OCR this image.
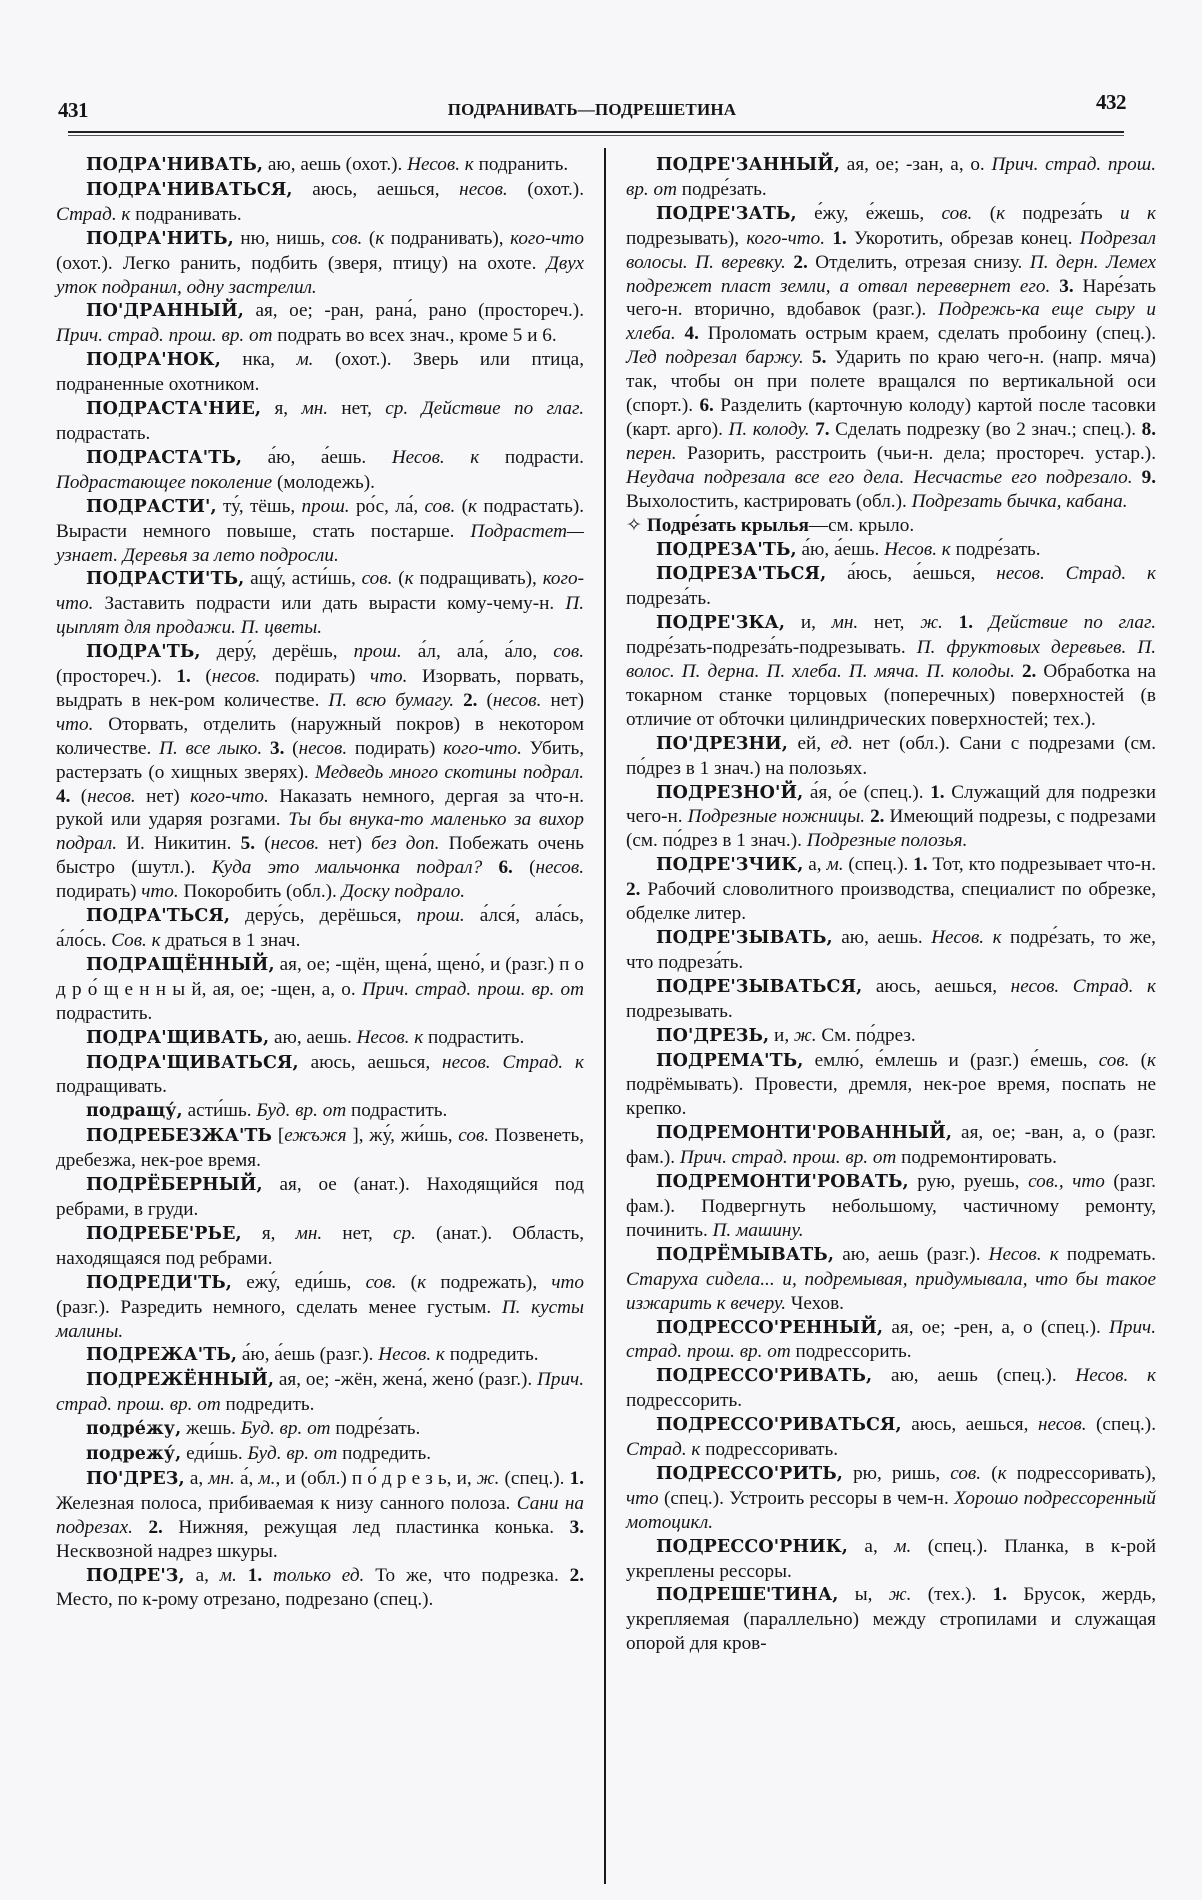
431	ПОДРАНИВАТЬ—ПОДРЕШЕТИНА	432

ПОДРА'НИВАТЬ, аю, аешь (охот.). Несов. к подранить.

ПОДРА'НИВАТЬСЯ, аюсь, аешься, несов. (охот.). Страд. к подранивать.

ПОДРА'НИТЬ, ню, нишь, сов. (к подранивать), кого-что (охот.). Легко ранить, подбить (зверя, птицу) на охоте. Двух уток подранил, одну застрелил.

ПО'ДРАННЫЙ, ая, ое; -ран, рана́, рано (простореч.). Прич. страд. прош. вр. от подрать во всех знач., кроме 5 и 6.

ПОДРА'НОК, нка, м. (охот.). Зверь или птица, подраненные охотником.

ПОДРАСТА'НИЕ, я, мн. нет, ср. Действие по глаг. подрастать.

ПОДРАСТА'ТЬ, а́ю, а́ешь. Несов. к подрасти. Подрастающее поколение (молодежь).

ПОДРАСТИ', ту́, тёшь, прош. ро́с, ла́, сов. (к подрастать). Вырасти немного повыше, стать постарше. Подрастет—узнает. Деревья за лето подросли.

ПОДРАСТИ'ТЬ, ащу́, асти́шь, сов. (к подращивать), кого-что. Заставить подрасти или дать вырасти кому-чему-н. П. цыплят для продажи. П. цветы.

ПОДРА'ТЬ, деру́, дерёшь, прош. а́л, ала́, а́ло, сов. (простореч.). 1. (несов. подирать) что. Изорвать, порвать, выдрать в нек-ром количестве. П. всю бумагу. 2. (несов. нет) что. Оторвать, отделить (наружный покров) в некотором количестве. П. все лыко. 3. (несов. подирать) кого-что. Убить, растерзать (о хищных зверях). Медведь много скотины подрал. 4. (несов. нет) кого-что. Наказать немного, дергая за что-н. рукой или ударяя розгами. Ты бы внука-то маленько за вихор подрал. И. Никитин. 5. (несов. нет) без доп. Побежать очень быстро (шутл.). Куда это мальчонка подрал? 6. (несов. подирать) что. Покоробить (обл.). Доску подрало.

ПОДРА'ТЬСЯ, деру́сь, дерёшься, прош. а́лся́, ала́сь, а́ло́сь. Сов. к драться в 1 знач.

ПОДРАЩЁННЫЙ, ая, ое; -щён, щена́, щено́, и (разг.) п о д р о́ щ е н н ы й, ая, ое; -щен, а, о. Прич. страд. прош. вр. от подрастить.

ПОДРА'ЩИВАТЬ, аю, аешь. Несов. к подрастить.

ПОДРА'ЩИВАТЬСЯ, аюсь, аешься, несов. Страд. к подращивать.

подращу́, асти́шь. Буд. вр. от подрастить.

ПОДРЕБЕЗЖА'ТЬ [ежъжя ], жу́, жи́шь, сов. Позвенеть, дребезжа, нек-рое время.

ПОДРЁБЕРНЫЙ, ая, ое (анат.). Находящийся под ребрами, в груди.

ПОДРЕБЕ'РЬЕ, я, мн. нет, ср. (анат.). Область, находящаяся под ребрами.

ПОДРЕДИ'ТЬ, ежу́, еди́шь, сов. (к подрежать), что (разг.). Разредить немного, сделать менее густым. П. кусты малины.

ПОДРЕЖА'ТЬ, а́ю, а́ешь (разг.). Несов. к подредить.

ПОДРЕЖЁННЫЙ, ая, ое; -жён, жена́, жено́ (разг.). Прич. страд. прош. вр. от подредить.

подре́жу, жешь. Буд. вр. от подре́зать.

подрежу́, еди́шь. Буд. вр. от подредить.

ПО'ДРЕЗ, а, мн. а́, м., и (обл.) п о́ д р е з ь, и, ж. (спец.). 1. Железная полоса, прибиваемая к низу санного полоза. Сани на подрезах. 2. Нижняя, режущая лед пластинка конька. 3. Несквозной надрез шкуры.

ПОДРЕ'З, а, м. 1. только ед. То же, что подрезка. 2. Место, по к-рому отрезано, подрезано (спец.).

ПОДРЕ'ЗАННЫЙ, ая, ое; -зан, а, о. Прич. страд. прош. вр. от подре́зать.

ПОДРЕ'ЗАТЬ, е́жу, е́жешь, сов. (к подреза́ть и к подрезывать), кого-что. 1. Укоротить, обрезав конец. Подрезал волосы. П. веревку. 2. Отделить, отрезая снизу. П. дерн. Лемех подрежет пласт земли, а отвал перевернет его. 3. Наре́зать чего-н. вторично, вдобавок (разг.). Подрежь-ка еще сыру и хлеба. 4. Проломать острым краем, сделать пробоину (спец.). Лед подрезал баржу. 5. Ударить по краю чего-н. (напр. мяча) так, чтобы он при полете вращался по вертикальной оси (спорт.). 6. Разделить (карточную колоду) картой после тасовки (карт. арго). П. колоду. 7. Сделать подрезку (во 2 знач.; спец.). 8. перен. Разорить, расстроить (чьи-н. дела; простореч. устар.). Неудача подрезала все его дела. Несчастье его подрезало. 9. Выхолостить, кастрировать (обл.). Подрезать бычка, кабана.

✧ Подре́зать крылья—см. крыло.

ПОДРЕЗА'ТЬ, а́ю, а́ешь. Несов. к подре́зать.

ПОДРЕЗА'ТЬСЯ, а́юсь, а́ешься, несов. Страд. к подреза́ть.

ПОДРЕ'ЗКА, и, мн. нет, ж. 1. Действие по глаг. подре́зать-подреза́ть-подрезывать. П. фруктовых деревьев. П. волос. П. дерна. П. хлеба. П. мяча. П. колоды. 2. Обработка на токарном станке торцовых (поперечных) поверхностей (в отличие от обточки цилиндрических поверхностей; тех.).

ПО'ДРЕЗНИ, ей, ед. нет (обл.). Сани с подрезами (см. по́дрез в 1 знач.) на полозьях.

ПОДРЕЗНО'Й, а́я, о́е (спец.). 1. Служащий для подрезки чего-н. Подрезные ножницы. 2. Имеющий подрезы, с подрезами (см. по́дрез в 1 знач.). Подрезные полозья.

ПОДРЕ'ЗЧИК, а, м. (спец.). 1. Тот, кто подрезывает что-н. 2. Рабочий словолитного производства, специалист по обрезке, обделке литер.

ПОДРЕ'ЗЫВАТЬ, аю, аешь. Несов. к подре́зать, то же, что подреза́ть.

ПОДРЕ'ЗЫВАТЬСЯ, аюсь, аешься, несов. Страд. к подрезывать.

ПО'ДРЕЗЬ, и, ж. См. по́дрез.

ПОДРЕМА'ТЬ, емлю́, е́млешь и (разг.) е́мешь, сов. (к подрёмывать). Провести, дремля, нек-рое время, поспать не крепко.

ПОДРЕМОНТИ'РОВАННЫЙ, ая, ое; -ван, а, о (разг. фам.). Прич. страд. прош. вр. от подремонтировать.

ПОДРЕМОНТИ'РОВАТЬ, рую, руешь, сов., что (разг. фам.). Подвергнуть небольшому, частичному ремонту, починить. П. машину.

ПОДРЁМЫВАТЬ, аю, аешь (разг.). Несов. к подремать. Старуха сидела... и, подремывая, придумывала, что бы такое изжарить к вечеру. Чехов.

ПОДРЕССО'РЕННЫЙ, ая, ое; -рен, а, о (спец.). Прич. страд. прош. вр. от подрессорить.

ПОДРЕССО'РИВАТЬ, аю, аешь (спец.). Несов. к подрессорить.

ПОДРЕССО'РИВАТЬСЯ, аюсь, аешься, несов. (спец.). Страд. к подрессоривать.

ПОДРЕССО'РИТЬ, рю, ришь, сов. (к подрессоривать), что (спец.). Устроить рессоры в чем-н. Хорошо подрессоренный мотоцикл.

ПОДРЕССО'РНИК, а, м. (спец.). Планка, в к-рой укреплены рессоры.

ПОДРЕШЕ'ТИНА, ы, ж. (тех.). 1. Брусок, жердь, укрепляемая (параллельно) между стропилами и служащая опорой для кров-
